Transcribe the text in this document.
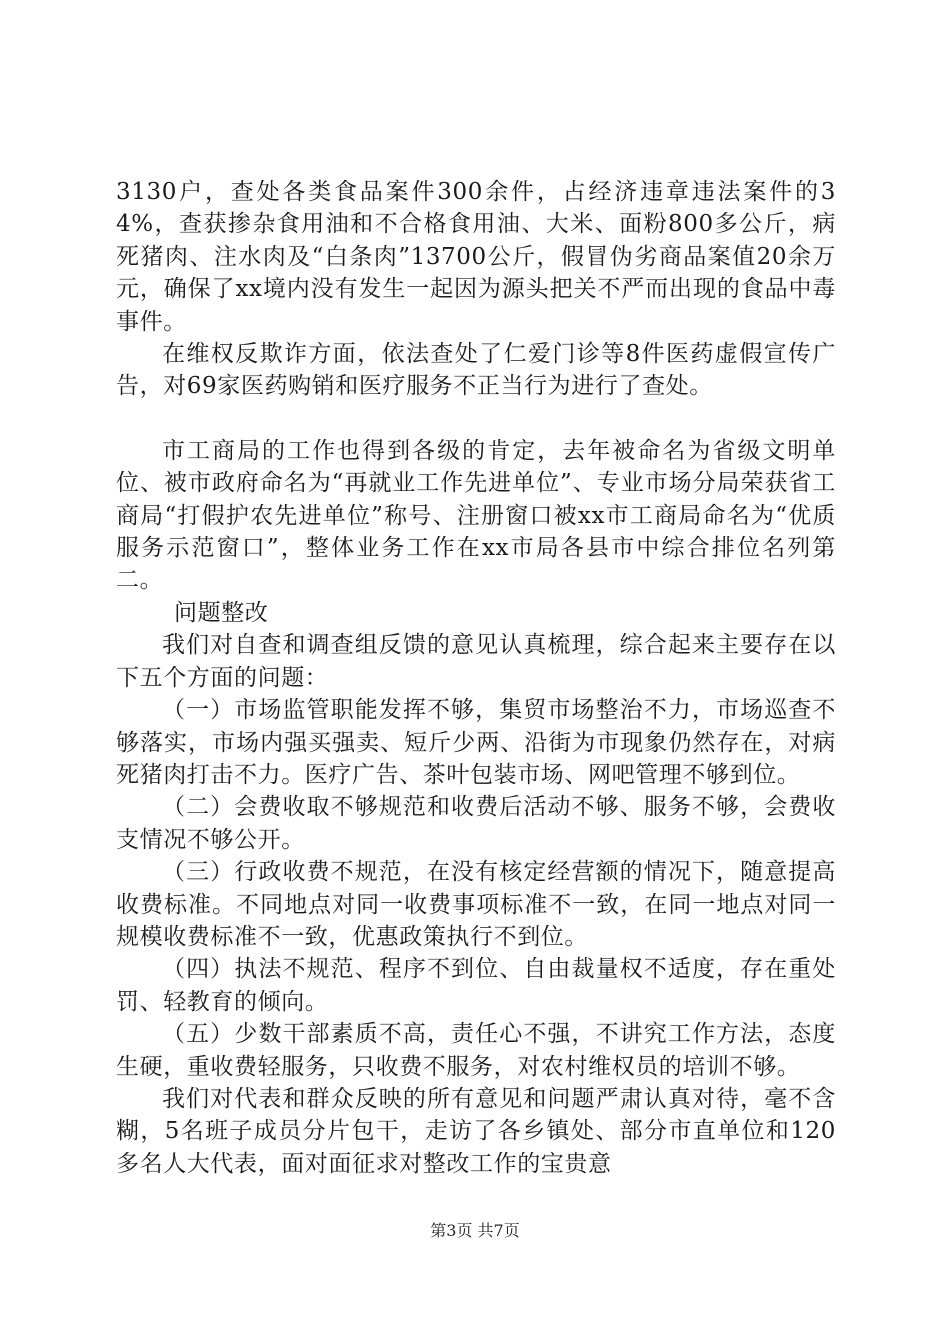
3130户，查处各类食品案件300余件，占经济违章违法案件的34%，查获掺杂食用油和不合格食用油、大米、面粉800多公斤，病死猪肉、注水肉及“白条肉”13700公斤，假冒伪劣商品案值20余万元，确保了xx境内没有发生一起因为源头把关不严而出现的食品中毒事件。

在维权反欺诈方面，依法查处了仁爱门诊等8件医药虚假宣传广告，对69家医药购销和医疗服务不正当行为进行了查处。

市工商局的工作也得到各级的肯定，去年被命名为省级文明单位、被市政府命名为“再就业工作先进单位”、专业市场分局荣获省工商局“打假护农先进单位”称号、注册窗口被xx市工商局命名为“优质服务示范窗口”，整体业务工作在xx市局各县市中综合排位名列第二。

问题整改

我们对自查和调查组反馈的意见认真梳理，综合起来主要存在以下五个方面的问题：

（一）市场监管职能发挥不够，集贸市场整治不力，市场巡查不够落实，市场内强买强卖、短斤少两、沿街为市现象仍然存在，对病死猪肉打击不力。医疗广告、茶叶包装市场、网吧管理不够到位。

（二）会费收取不够规范和收费后活动不够、服务不够，会费收支情况不够公开。

（三）行政收费不规范，在没有核定经营额的情况下，随意提高收费标准。不同地点对同一收费事项标准不一致，在同一地点对同一规模收费标准不一致，优惠政策执行不到位。

（四）执法不规范、程序不到位、自由裁量权不适度，存在重处罚、轻教育的倾向。

（五）少数干部素质不高，责任心不强，不讲究工作方法，态度生硬，重收费轻服务，只收费不服务，对农村维权员的培训不够。

我们对代表和群众反映的所有意见和问题严肃认真对待，毫不含糊，5名班子成员分片包干，走访了各乡镇处、部分市直单位和120多名人大代表，面对面征求对整改工作的宝贵意

第3页 共7页
